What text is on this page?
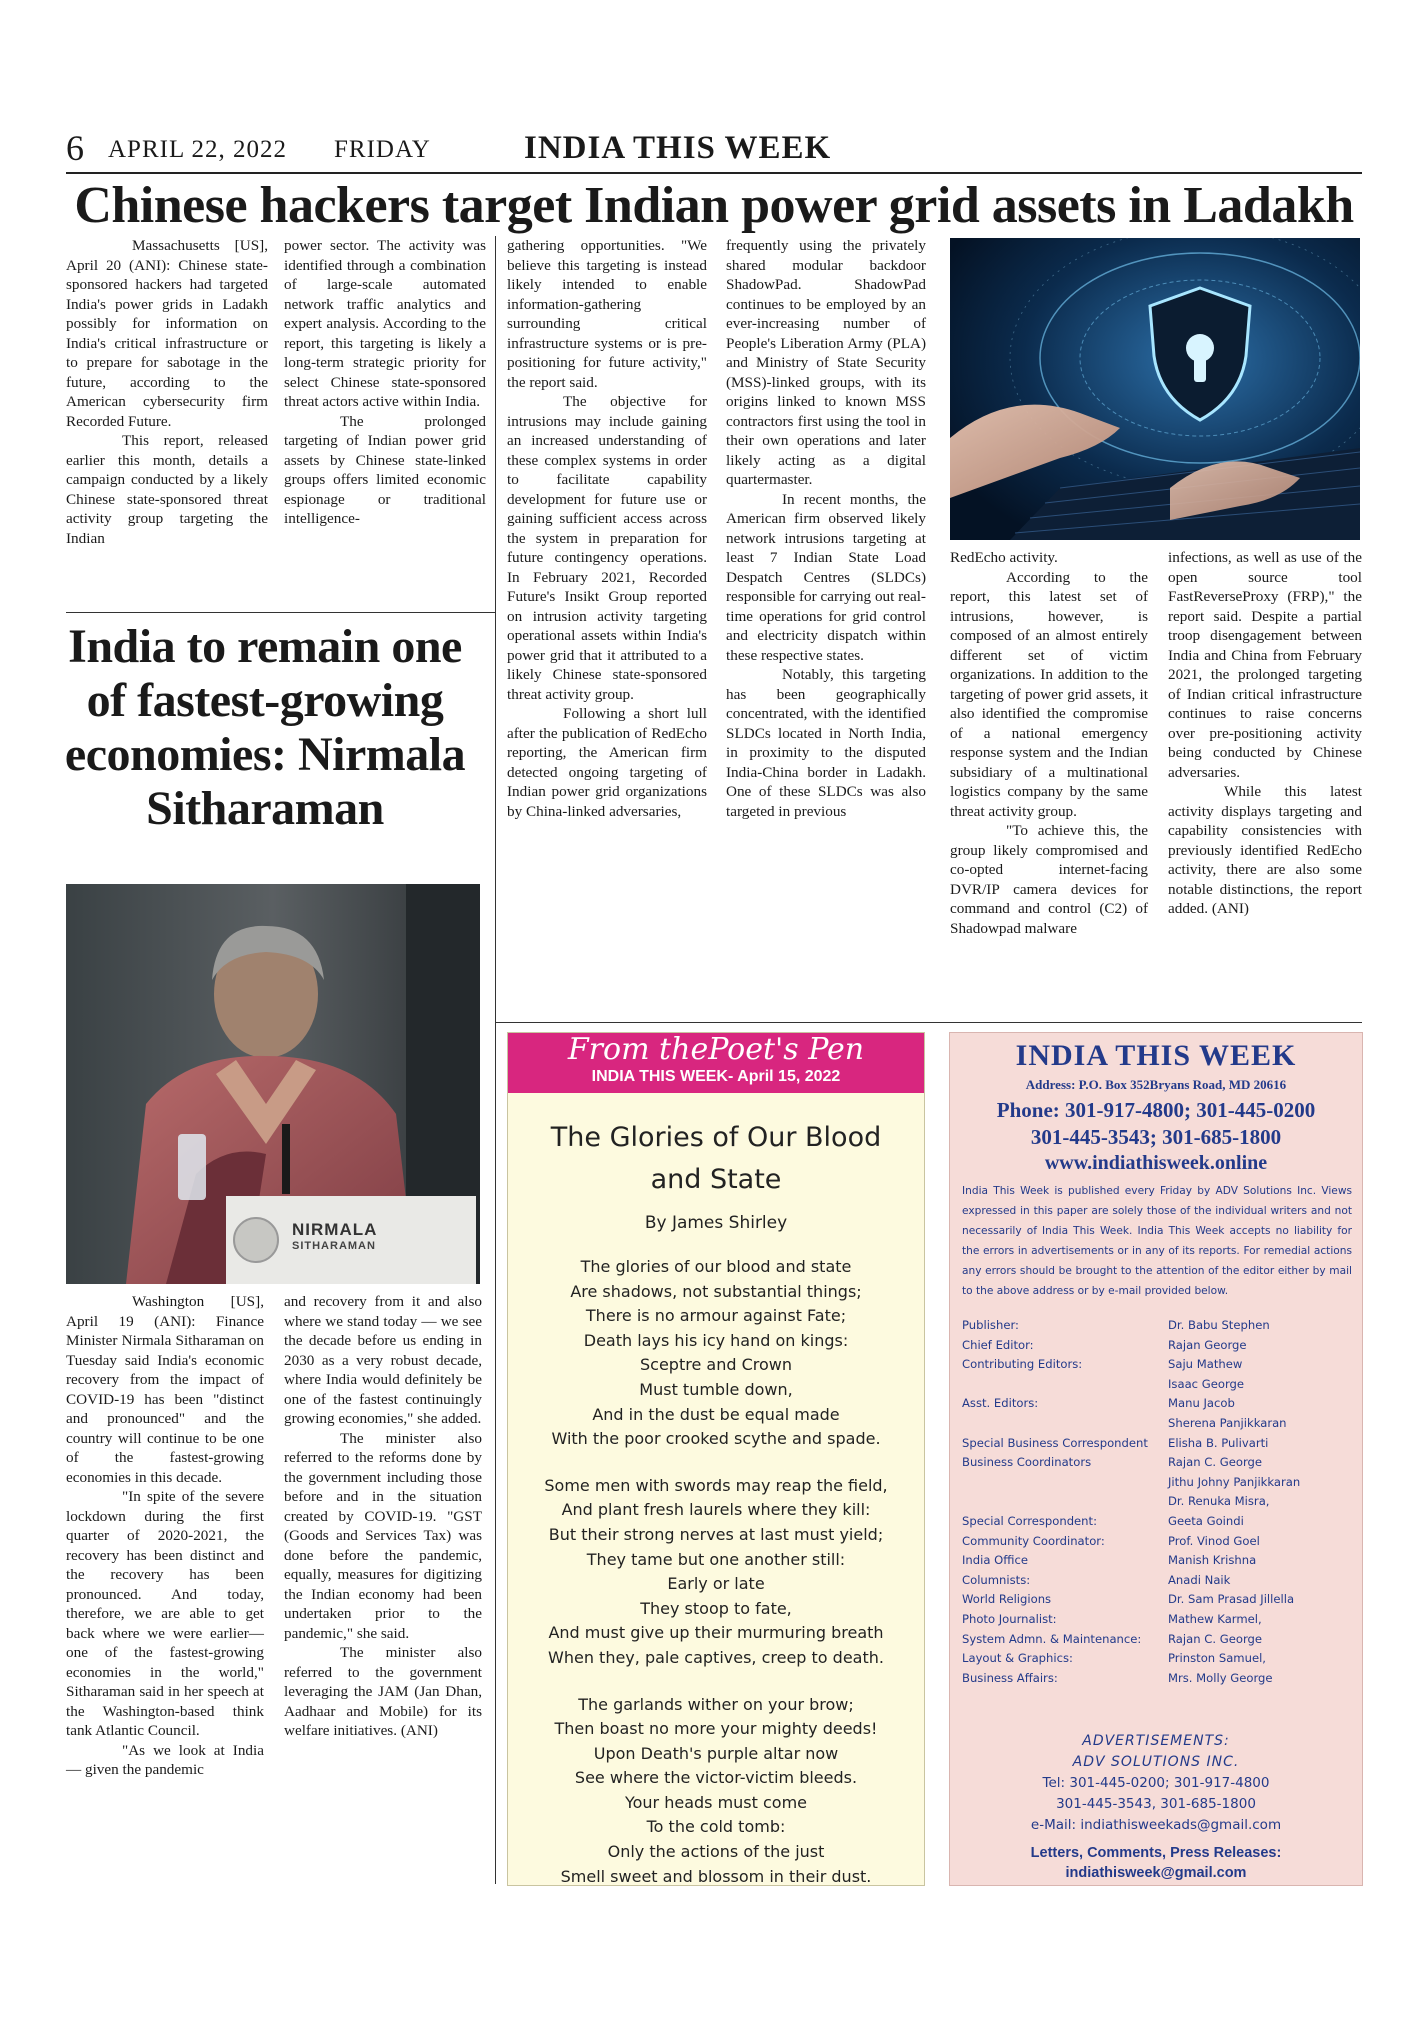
6 APRIL 22, 2022 FRIDAY	INDIA THIS WEEK
Chinese hackers target Indian power grid assets in Ladakh

Massachusetts [US], April 20 (ANI): Chinese state-sponsored hackers had targeted India's power grids in Ladakh possibly for information on India's critical infrastructure or to prepare for sabotage in the future, according to the American cybersecurity firm Recorded Future.

This report, released earlier this month, details a campaign conducted by a likely Chinese state-sponsored threat activity group targeting the Indian

power sector. The activity was identified through a combination of large-scale automated network traffic analytics and expert analysis. According to the report, this targeting is likely a long-term strategic priority for select Chinese state-sponsored threat actors active within India.

The prolonged targeting of Indian power grid assets by Chinese state-linked groups offers limited economic espionage or traditional intelligence-

gathering opportunities. "We believe this targeting is instead likely intended to enable information-gathering surrounding critical infrastructure systems or is pre-positioning for future activity," the report said.

The objective for intrusions may include gaining an increased understanding of these complex systems in order to facilitate capability development for future use or gaining sufficient access across the system in preparation for future contingency operations. In February 2021, Recorded Future's Insikt Group reported on intrusion activity targeting operational assets within India's power grid that it attributed to a likely Chinese state-sponsored threat activity group.

Following a short lull after the publication of RedEcho reporting, the American firm detected ongoing targeting of Indian power grid organizations by China-linked adversaries,

frequently using the privately shared modular backdoor ShadowPad. ShadowPad continues to be employed by an ever-increasing number of People's Liberation Army (PLA) and Ministry of State Security (MSS)-linked groups, with its origins linked to known MSS contractors first using the tool in their own operations and later likely acting as a digital quartermaster.

In recent months, the American firm observed likely network intrusions targeting at least 7 Indian State Load Despatch Centres (SLDCs) responsible for carrying out real-time operations for grid control and electricity dispatch within these respective states.

Notably, this targeting has been geographically concentrated, with the identified SLDCs located in North India, in proximity to the disputed India-China border in Ladakh. One of these SLDCs was also targeted in previous

RedEcho activity.

According to the report, this latest set of intrusions, however, is composed of an almost entirely different set of victim organizations. In addition to the targeting of power grid assets, it also identified the compromise of a national emergency response system and the Indian subsidiary of a multinational logistics company by the same threat activity group.

"To achieve this, the group likely compromised and co-opted internet-facing DVR/IP camera devices for command and control (C2) of Shadowpad malware

infections, as well as use of the open source tool FastReverseProxy (FRP)," the report said. Despite a partial troop disengagement between India and China from February 2021, the prolonged targeting of Indian critical infrastructure continues to raise concerns over pre-positioning activity being conducted by Chinese adversaries.

While this latest activity displays targeting and capability consistencies with previously identified RedEcho activity, there are also some notable distinctions, the report added. (ANI)

India to remain one of fastest-growing economies: Nirmala Sitharaman
NIRMALA
SITHARAMAN

Washington [US], April 19 (ANI): Finance Minister Nirmala Sitharaman on Tuesday said India's economic recovery from the impact of COVID-19 has been "distinct and pronounced" and the country will continue to be one of the fastest-growing economies in this decade.

"In spite of the severe lockdown during the first quarter of 2020-2021, the recovery has been distinct and the recovery has been pronounced. And today, therefore, we are able to get back where we were earlier— one of the fastest-growing economies in the world," Sitharaman said in her speech at the Washington-based think tank Atlantic Council.

"As we look at India — given the pandemic

and recovery from it and also where we stand today — we see the decade before us ending in 2030 as a very robust decade, where India would definitely be one of the fastest continuingly growing economies," she added.

The minister also referred to the reforms done by the government including those before and in the situation created by COVID-19. "GST (Goods and Services Tax) was done before the pandemic, equally, measures for digitizing the Indian economy had been undertaken prior to the pandemic," she said.

The minister also referred to the government leveraging the JAM (Jan Dhan, Aadhaar and Mobile) for its welfare initiatives. (ANI)

From thePoet's Pen
INDIA THIS WEEK- April 15, 2022
The Glories of Our Blood
and State
By James Shirley
The glories of our blood and state
Are shadows, not substantial things;
There is no armour against Fate;
Death lays his icy hand on kings:
Sceptre and Crown
Must tumble down,
And in the dust be equal made
With the poor crooked scythe and spade.
Some men with swords may reap the field,
And plant fresh laurels where they kill:
But their strong nerves at last must yield;
They tame but one another still:
Early or late
They stoop to fate,
And must give up their murmuring breath
When they, pale captives, creep to death.
The garlands wither on your brow;
Then boast no more your mighty deeds!
Upon Death's purple altar now
See where the victor-victim bleeds.
Your heads must come
To the cold tomb:
Only the actions of the just
Smell sweet and blossom in their dust.
INDIA THIS WEEK
Address: P.O. Box 352Bryans Road, MD 20616
Phone: 301-917-4800; 301-445-0200
301-445-3543; 301-685-1800
www.indiathisweek.online
India This Week is published every Friday by ADV Solutions Inc. Views expressed in this paper are solely those of the individual writers and not necessarily of India This Week. India This Week accepts no liability for the errors in advertisements or in any of its reports. For remedial actions any errors should be brought to the attention of the editor either by mail to the above address or by e-mail provided below.
Publisher:	Dr. Babu Stephen
Chief Editor:	Rajan George
Contributing Editors:	Saju Mathew
Isaac George
Asst. Editors:	Manu Jacob
Sherena Panjikkaran
Special Business Correspondent	Elisha B. Pulivarti
Business Coordinators	Rajan C. George
Jithu Johny Panjikkaran
Dr. Renuka Misra,
Special Correspondent:	Geeta Goindi
Community Coordinator:	Prof. Vinod Goel
India Office	Manish Krishna
Columnists:	Anadi Naik
World Religions	Dr. Sam Prasad Jillella
Photo Journalist:	Mathew Karmel,
System Admn. & Maintenance:	Rajan C. George
Layout & Graphics:	Prinston Samuel,
Business Affairs:	Mrs. Molly George
ADVERTISEMENTS:
ADV SOLUTIONS INC.
Tel: 301-445-0200; 301-917-4800
301-445-3543, 301-685-1800
e-Mail: indiathisweekads@gmail.com
Letters, Comments, Press Releases:
indiathisweek@gmail.com
